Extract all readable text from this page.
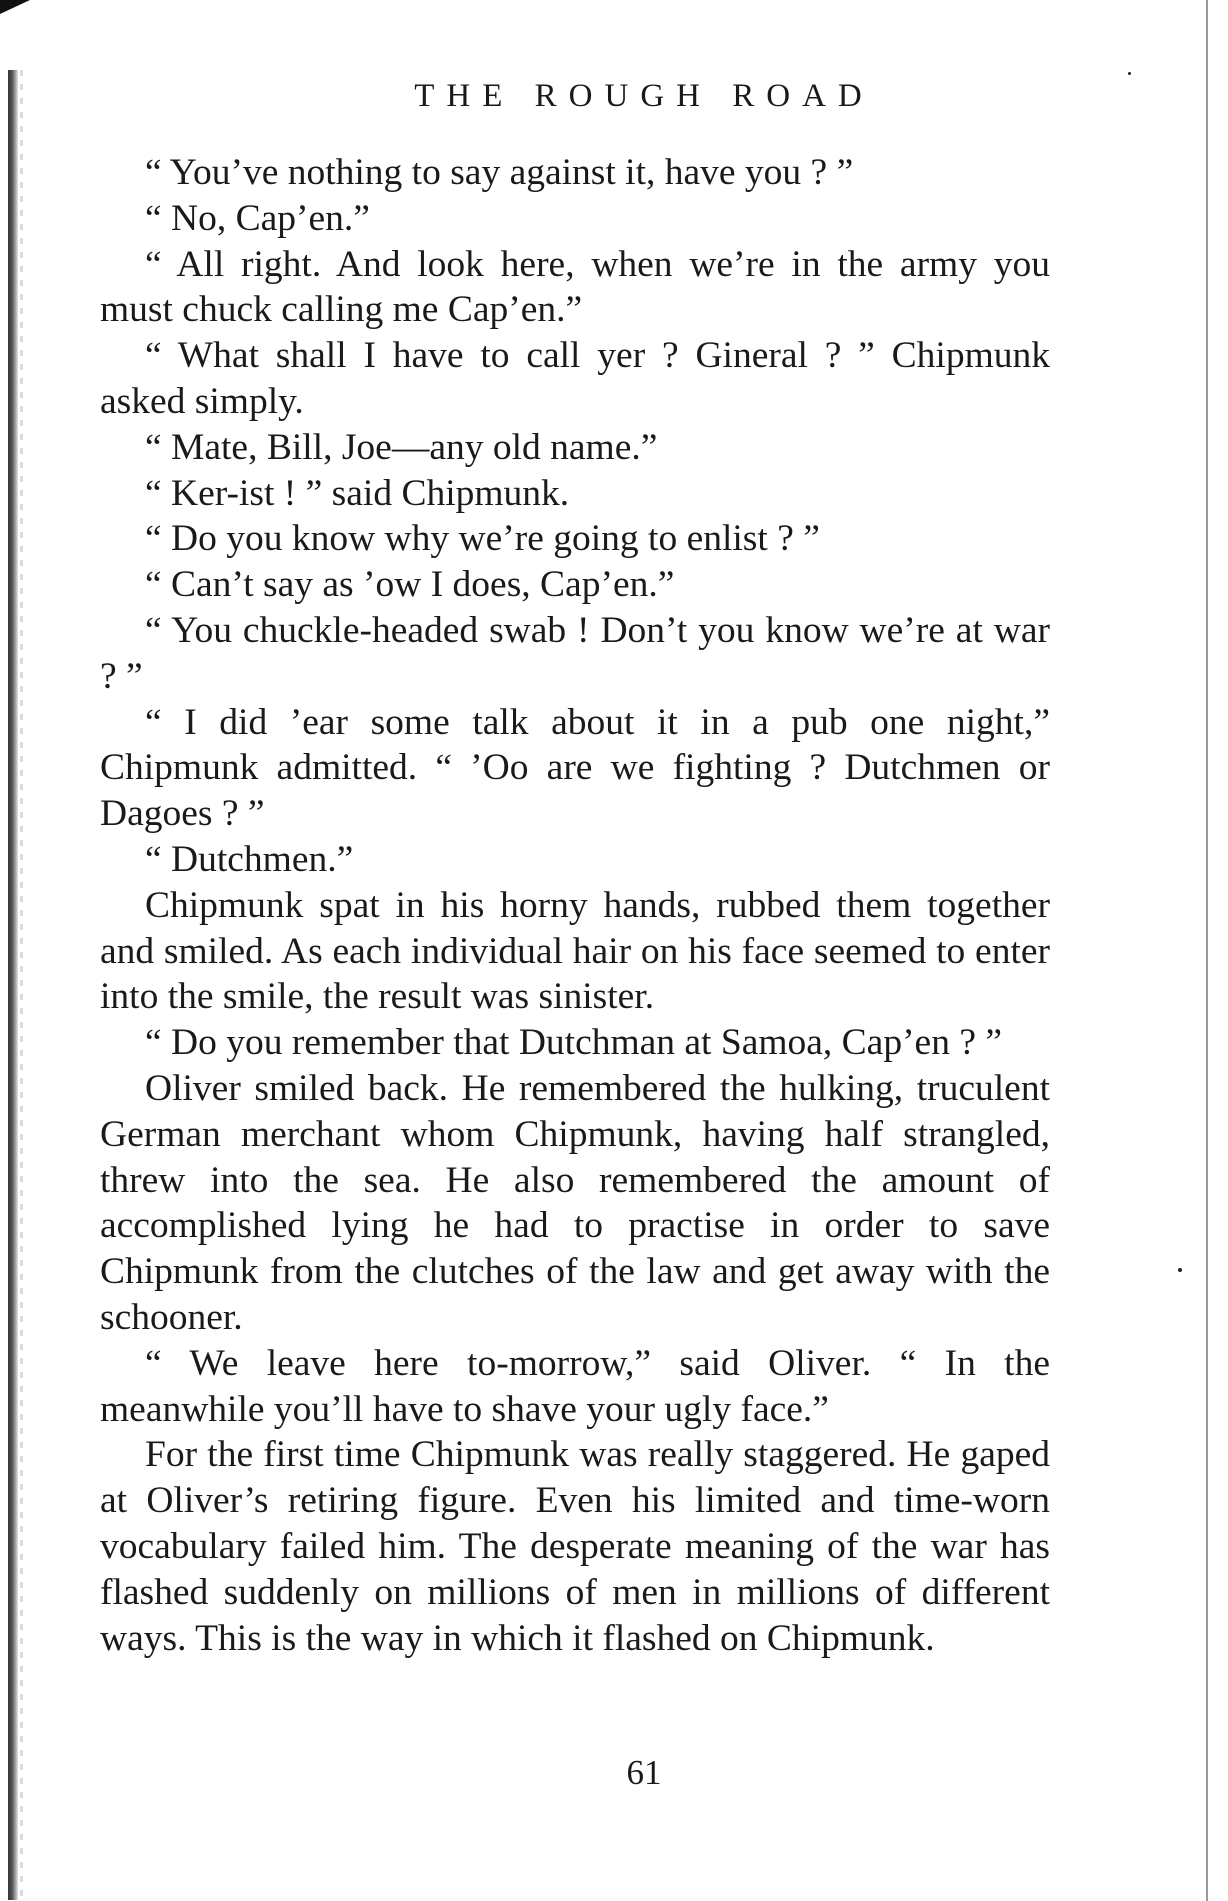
THE ROUGH ROAD

“ You’ve nothing to say against it, have you ? ”

“ No, Cap’en.”

“ All right. And look here, when we’re in the army you must chuck calling me Cap’en.”

“ What shall I have to call yer ? Gineral ? ” Chipmunk asked simply.

“ Mate, Bill, Joe—any old name.”

“ Ker-ist ! ” said Chipmunk.

“ Do you know why we’re going to enlist ? ”

“ Can’t say as ’ow I does, Cap’en.”

“ You chuckle-headed swab ! Don’t you know we’re at war ? ”

“ I did ’ear some talk about it in a pub one night,” Chipmunk admitted. “ ’Oo are we fighting ? Dutchmen or Dagoes ? ”

“ Dutchmen.”

Chipmunk spat in his horny hands, rubbed them together and smiled. As each individual hair on his face seemed to enter into the smile, the result was sinister.

“ Do you remember that Dutchman at Samoa, Cap’en ? ”

Oliver smiled back. He remembered the hulking, truculent German merchant whom Chipmunk, having half strangled, threw into the sea. He also remembered the amount of accomplished lying he had to practise in order to save Chipmunk from the clutches of the law and get away with the schooner.

“ We leave here to-morrow,” said Oliver. “ In the meanwhile you’ll have to shave your ugly face.”

For the first time Chipmunk was really staggered. He gaped at Oliver’s retiring figure. Even his limited and time-worn vocabulary failed him. The desperate meaning of the war has flashed suddenly on millions of men in millions of different ways. This is the way in which it flashed on Chipmunk.

61
